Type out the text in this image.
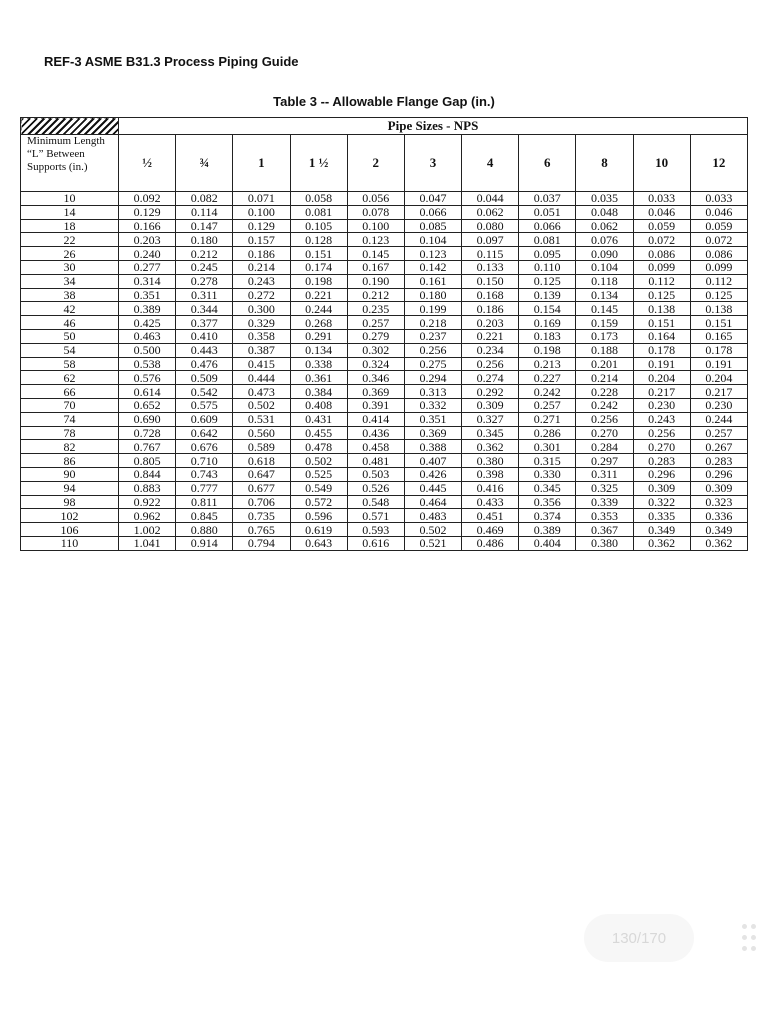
REF-3 ASME B31.3 Process Piping Guide
Table 3 -- Allowable Flange Gap (in.)
	Pipe Sizes - NPS										
Minimum Length “L” Between Supports (in.)	½	¾	1	1 ½	2	3	4	6	8	10	12
10	0.092	0.082	0.071	0.058	0.056	0.047	0.044	0.037	0.035	0.033	0.033
14	0.129	0.114	0.100	0.081	0.078	0.066	0.062	0.051	0.048	0.046	0.046
18	0.166	0.147	0.129	0.105	0.100	0.085	0.080	0.066	0.062	0.059	0.059
22	0.203	0.180	0.157	0.128	0.123	0.104	0.097	0.081	0.076	0.072	0.072
26	0.240	0.212	0.186	0.151	0.145	0.123	0.115	0.095	0.090	0.086	0.086
30	0.277	0.245	0.214	0.174	0.167	0.142	0.133	0.110	0.104	0.099	0.099
34	0.314	0.278	0.243	0.198	0.190	0.161	0.150	0.125	0.118	0.112	0.112
38	0.351	0.311	0.272	0.221	0.212	0.180	0.168	0.139	0.134	0.125	0.125
42	0.389	0.344	0.300	0.244	0.235	0.199	0.186	0.154	0.145	0.138	0.138
46	0.425	0.377	0.329	0.268	0.257	0.218	0.203	0.169	0.159	0.151	0.151
50	0.463	0.410	0.358	0.291	0.279	0.237	0.221	0.183	0.173	0.164	0.165
54	0.500	0.443	0.387	0.134	0.302	0.256	0.234	0.198	0.188	0.178	0.178
58	0.538	0.476	0.415	0.338	0.324	0.275	0.256	0.213	0.201	0.191	0.191
62	0.576	0.509	0.444	0.361	0.346	0.294	0.274	0.227	0.214	0.204	0.204
66	0.614	0.542	0.473	0.384	0.369	0.313	0.292	0.242	0.228	0.217	0.217
70	0.652	0.575	0.502	0.408	0.391	0.332	0.309	0.257	0.242	0.230	0.230
74	0.690	0.609	0.531	0.431	0.414	0.351	0.327	0.271	0.256	0.243	0.244
78	0.728	0.642	0.560	0.455	0.436	0.369	0.345	0.286	0.270	0.256	0.257
82	0.767	0.676	0.589	0.478	0.458	0.388	0.362	0.301	0.284	0.270	0.267
86	0.805	0.710	0.618	0.502	0.481	0.407	0.380	0.315	0.297	0.283	0.283
90	0.844	0.743	0.647	0.525	0.503	0.426	0.398	0.330	0.311	0.296	0.296
94	0.883	0.777	0.677	0.549	0.526	0.445	0.416	0.345	0.325	0.309	0.309
98	0.922	0.811	0.706	0.572	0.548	0.464	0.433	0.356	0.339	0.322	0.323
102	0.962	0.845	0.735	0.596	0.571	0.483	0.451	0.374	0.353	0.335	0.336
106	1.002	0.880	0.765	0.619	0.593	0.502	0.469	0.389	0.367	0.349	0.349
110	1.041	0.914	0.794	0.643	0.616	0.521	0.486	0.404	0.380	0.362	0.362
130/170
